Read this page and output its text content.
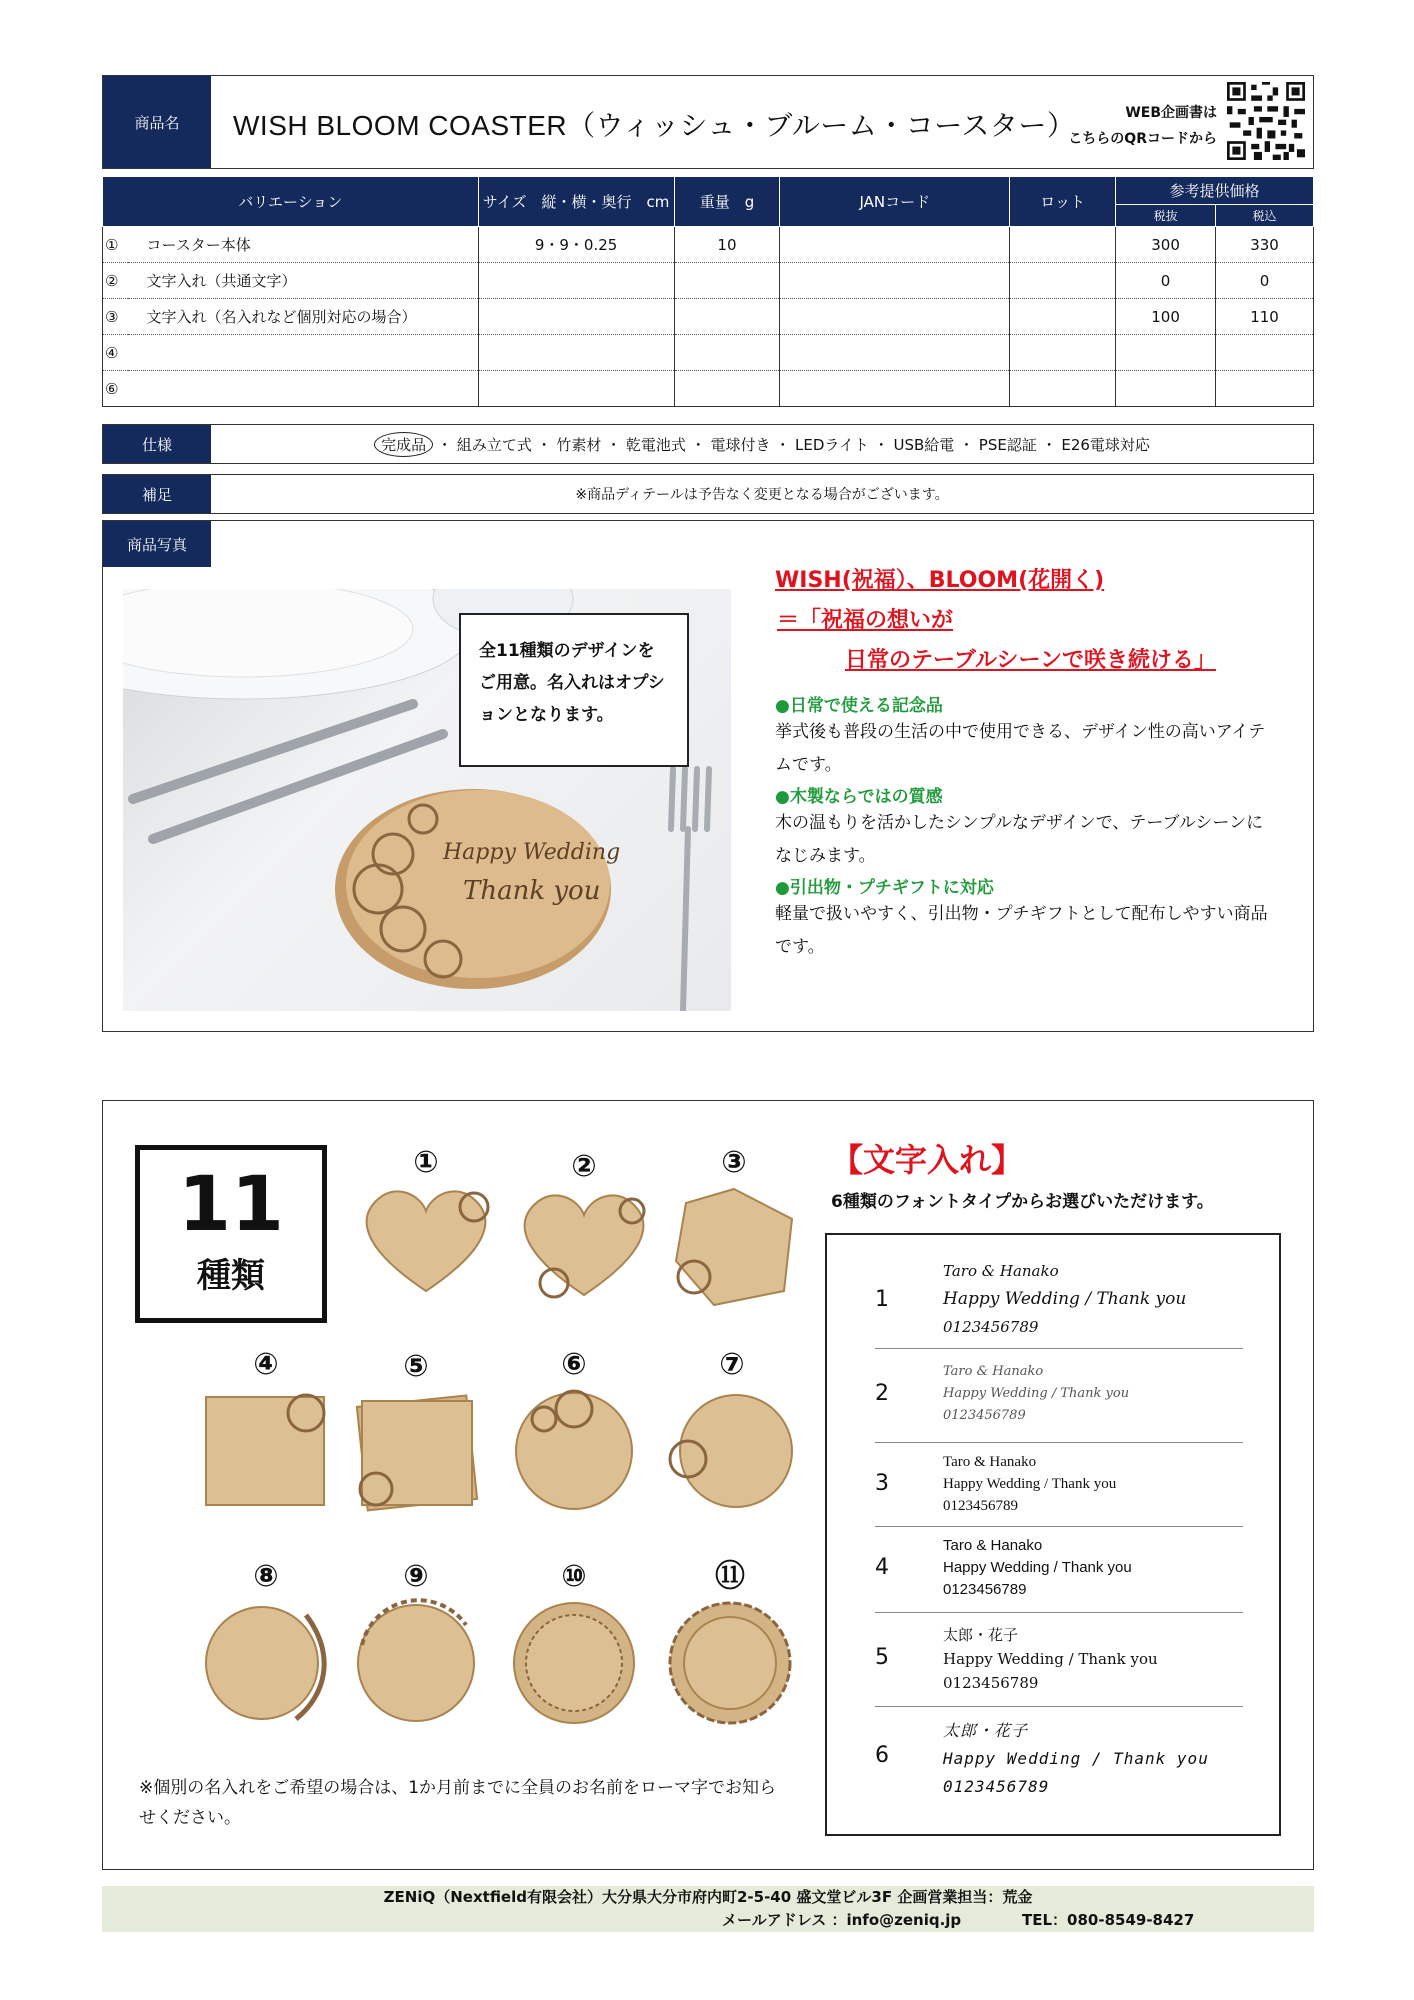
商品名	WISH BLOOM COASTER（ウィッシュ・ブルーム・コースター）	WEB企画書は
こちらのQRコードから
バリエーション		サイズ　縦・横・奥行　cm	重量　g	JANコード	ロット	参考提供価格	
						税抜	税込
①	コースター本体	9・9・0.25	10			300	330
②	文字入れ（共通文字）					0	0
③	文字入れ（名入れなど個別対応の場合）					100	110
④							
⑥							
仕様	完成品 ・ 組み立て式 ・ 竹素材 ・ 乾電池式 ・ 電球付き ・ LEDライト ・ USB給電 ・ PSE認証 ・ E26電球対応
補足	※商品ディテールは予告なく変更となる場合がございます。
商品写真
Happy Wedding
Thank you
全11種類のデザインをご用意。名入れはオプションとなります。
WISH(祝福）、BLOOM(花開く)
＝「祝福の想いが
日常のテーブルシーンで咲き続ける」
●日常で使える記念品
挙式後も普段の生活の中で使用できる、デザイン性の高いアイテムです。
●木製ならではの質感
木の温もりを活かしたシンプルなデザインで、テーブルシーンになじみます。
●引出物・プチギフトに対応
軽量で扱いやすく、引出物・プチギフトとして配布しやすい商品です。
11
種類
①	②	③
④	⑤	⑥	⑦
⑧	⑨	⑩	⑪
※個別の名入れをご希望の場合は、1か月前までに全員のお名前をローマ字でお知らせください。
【文字入れ】
6種類のフォントタイプからお選びいただけます。
1
Taro & Hanako
Happy Wedding / Thank you
0123456789
2
Taro & Hanako
Happy Wedding / Thank you
0123456789
3
Taro & Hanako
Happy Wedding / Thank you
0123456789
4
Taro & Hanako
Happy Wedding / Thank you
0123456789
5
太郎・花子
Happy Wedding / Thank you
0123456789
6
太郎・花子
Happy Wedding / Thank you
0123456789
ZENiQ（Nextfield有限会社）大分県大分市府内町2-5-40 盛文堂ビル3F 企画営業担当：荒金
メールアドレス ：info@zeniq.jp	TEL：080-8549-8427
